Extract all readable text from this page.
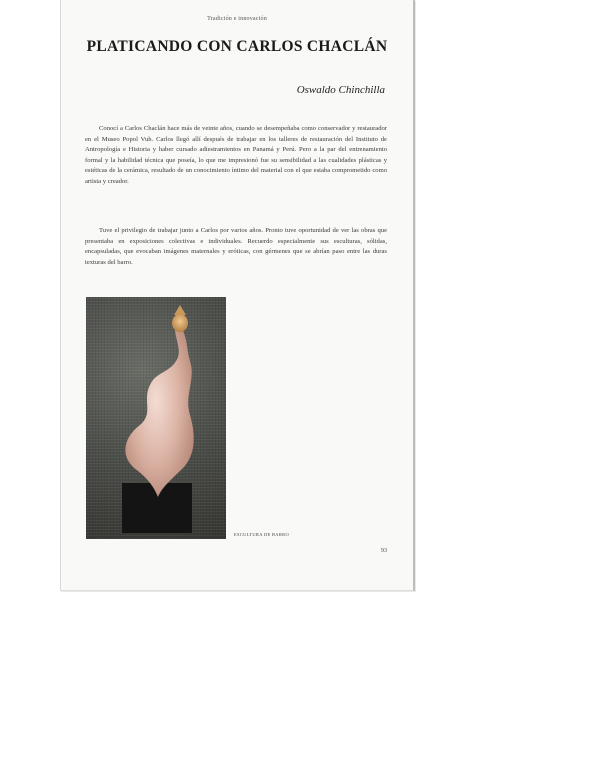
Tradición e innovación
PLATICANDO CON CARLOS CHACLÁN
Oswaldo Chinchilla

Conocí a Carlos Chaclán hace más de veinte años, cuando se desempeñaba como conservador y restaurador en el Museo Popol Vuh. Carlos llegó allí después de trabajar en los talleres de restauración del Instituto de Antropología e Historia y haber cursado adiestramientos en Panamá y Perú. Pero a la par del entrenamiento formal y la habilidad técnica que poseía, lo que me impresionó fue su sensibilidad a las cualidades plásticas y estéticas de la cerámica, resultado de un conocimiento íntimo del material con el que estaba comprometido como artista y creador.

Tuve el privilegio de trabajar junto a Carlos por varios años. Pronto tuve oportunidad de ver las obras que presentaba en exposiciones colectivas e individuales. Recuerdo especialmente sus esculturas, sólidas, encapsuladas, que evocaban imágenes maternales y eróticas, con gérmenes que se abrían paso entre las duras texturas del barro.

ESCULTURA DE BARRO
93
